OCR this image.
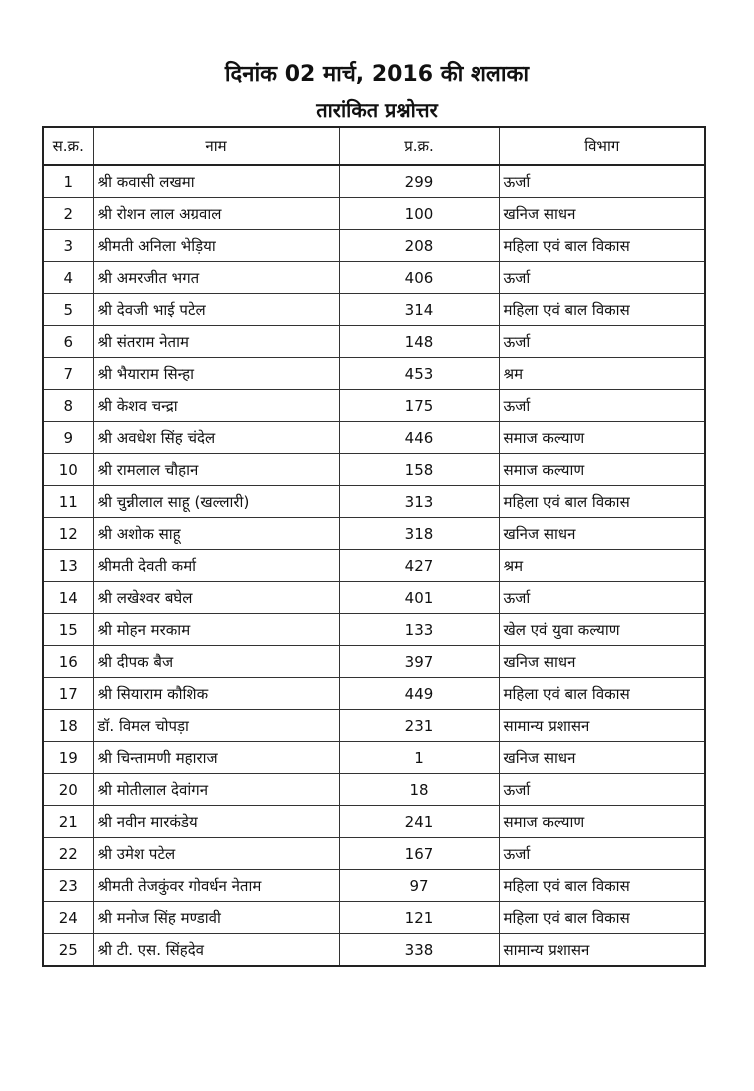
दिनांक 02 मार्च, 2016 की शलाका
तारांकित प्रश्नोत्तर
स.क्र.	नाम	प्र.क्र.	विभाग
1	श्री कवासी लखमा	299	ऊर्जा
2	श्री रोशन लाल अग्रवाल	100	खनिज साधन
3	श्रीमती अनिला भेड़िया	208	महिला एवं बाल विकास
4	श्री अमरजीत भगत	406	ऊर्जा
5	श्री देवजी भाई पटेल	314	महिला एवं बाल विकास
6	श्री संतराम नेताम	148	ऊर्जा
7	श्री भैयाराम सिन्हा	453	श्रम
8	श्री केशव चन्द्रा	175	ऊर्जा
9	श्री अवधेश सिंह चंदेल	446	समाज कल्याण
10	श्री रामलाल चौहान	158	समाज कल्याण
11	श्री चुन्नीलाल साहू (खल्लारी)	313	महिला एवं बाल विकास
12	श्री अशोक साहू	318	खनिज साधन
13	श्रीमती देवती कर्मा	427	श्रम
14	श्री लखेश्वर बघेल	401	ऊर्जा
15	श्री मोहन मरकाम	133	खेल एवं युवा कल्याण
16	श्री दीपक बैज	397	खनिज साधन
17	श्री सियाराम कौशिक	449	महिला एवं बाल विकास
18	डॉ. विमल चोपड़ा	231	सामान्य प्रशासन
19	श्री चिन्तामणी महाराज	1	खनिज साधन
20	श्री मोतीलाल देवांगन	18	ऊर्जा
21	श्री नवीन मारकंडेय	241	समाज कल्याण
22	श्री उमेश पटेल	167	ऊर्जा
23	श्रीमती तेजकुंवर गोवर्धन नेताम	97	महिला एवं बाल विकास
24	श्री मनोज सिंह मण्डावी	121	महिला एवं बाल विकास
25	श्री टी. एस. सिंहदेव	338	सामान्य प्रशासन
